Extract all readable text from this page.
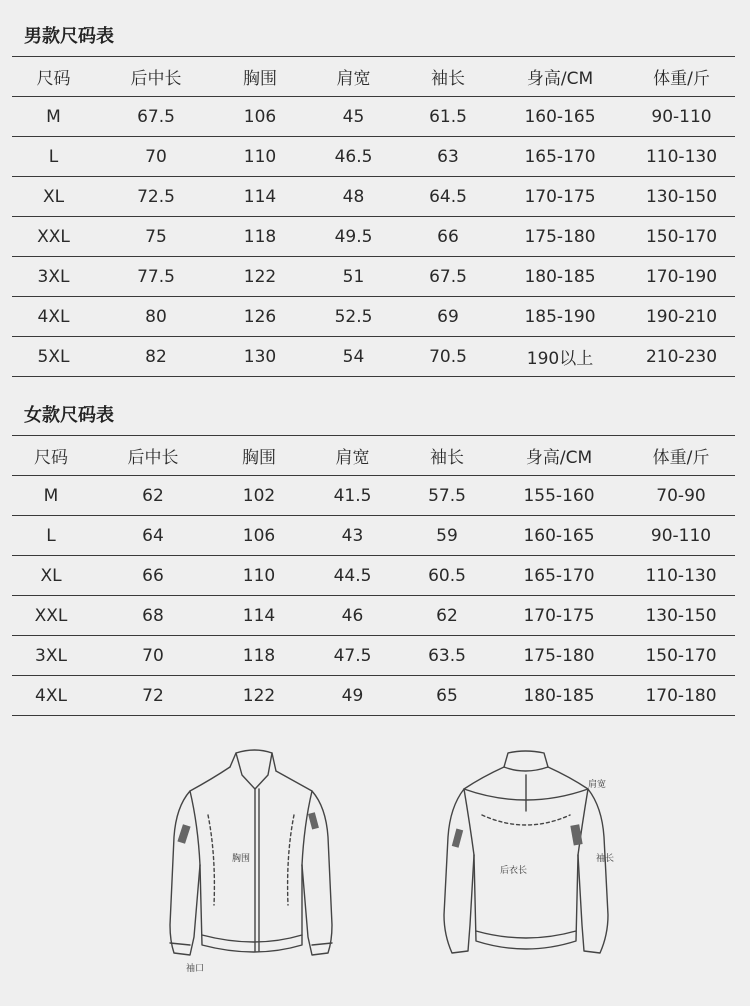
男款尺码表
尺码	后中长	胸围	肩宽	袖长	身高/CM	体重/斤
M	67.5	106	45	61.5	160-165	90-110
L	70	110	46.5	63	165-170	110-130
XL	72.5	114	48	64.5	170-175	130-150
XXL	75	118	49.5	66	175-180	150-170
3XL	77.5	122	51	67.5	180-185	170-190
4XL	80	126	52.5	69	185-190	190-210
5XL	82	130	54	70.5	190以上	210-230
女款尺码表
尺码	后中长	胸围	肩宽	袖长	身高/CM	体重/斤
M	62	102	41.5	57.5	155-160	70-90
L	64	106	43	59	160-165	90-110
XL	66	110	44.5	60.5	165-170	110-130
XXL	68	114	46	62	170-175	130-150
3XL	70	118	47.5	63.5	175-180	150-170
4XL	72	122	49	65	180-185	170-180
胸围
袖口
肩宽
袖长
后衣长
